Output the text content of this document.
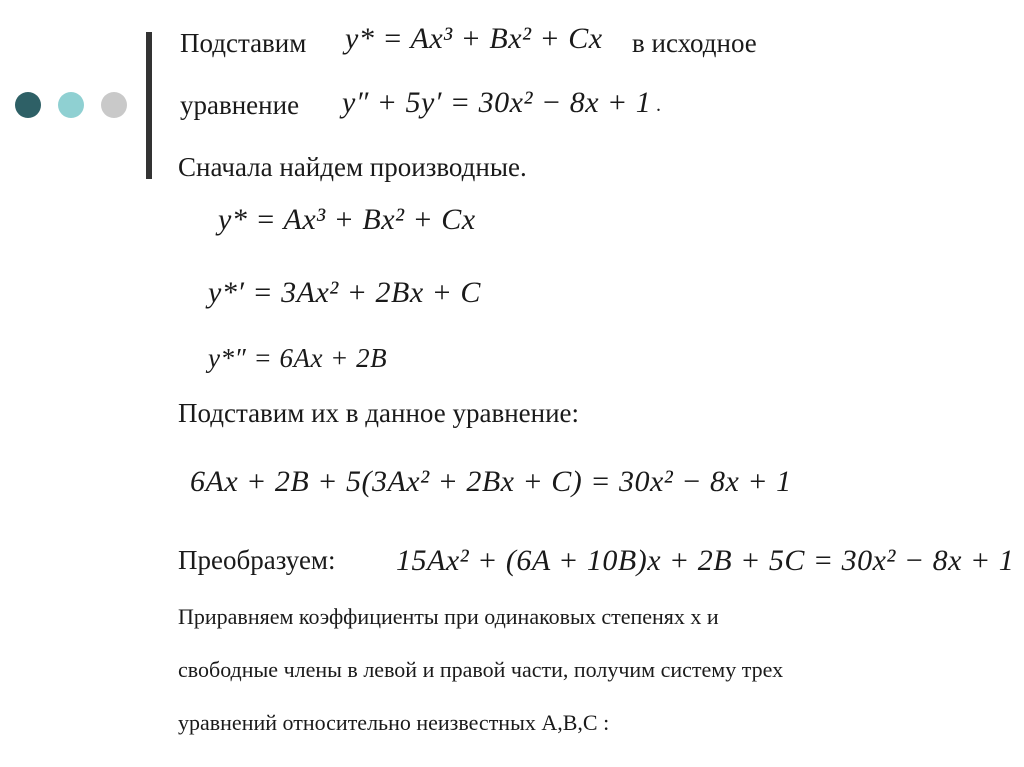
Подставим y* = Ax³ + Bx² + Cx в исходное
уравнение y″ + 5y′ = 30x² − 8x + 1 .
Сначала найдем производные.
y* = Ax³ + Bx² + Cx
y*′ = 3Ax² + 2Bx + C
y*″ = 6Ax + 2B
Подставим их в данное уравнение:
6Ax + 2B + 5(3Ax² + 2Bx + C) = 30x² − 8x + 1
Преобразуем: 15Ax² + (6A + 10B)x + 2B + 5C = 30x² − 8x + 1
Приравняем коэффициенты при одинаковых степенях x и
свободные члены в левой и правой части, получим систему трех
уравнений относительно неизвестных A,B,C :
